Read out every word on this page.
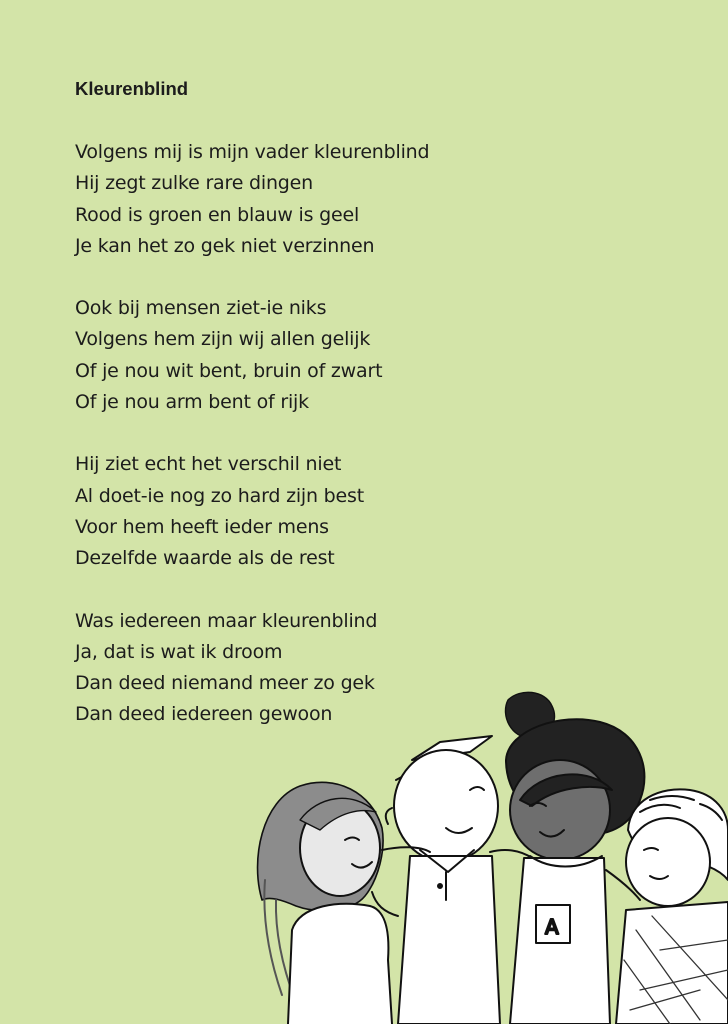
Kleurenblind
Volgens mij is mijn vader kleurenblind
Hij zegt zulke rare dingen
Rood is groen en blauw is geel
Je kan het zo gek niet verzinnen
Ook bij mensen ziet-ie niks
Volgens hem zijn wij allen gelijk
Of je nou wit bent, bruin of zwart
Of je nou arm bent of rijk
Hij ziet echt het verschil niet
Al doet-ie nog zo hard zijn best
Voor hem heeft ieder mens
Dezelfde waarde als de rest
Was iedereen maar kleurenblind
Ja, dat is wat ik droom
Dan deed niemand meer zo gek
Dan deed iedereen gewoon
A
